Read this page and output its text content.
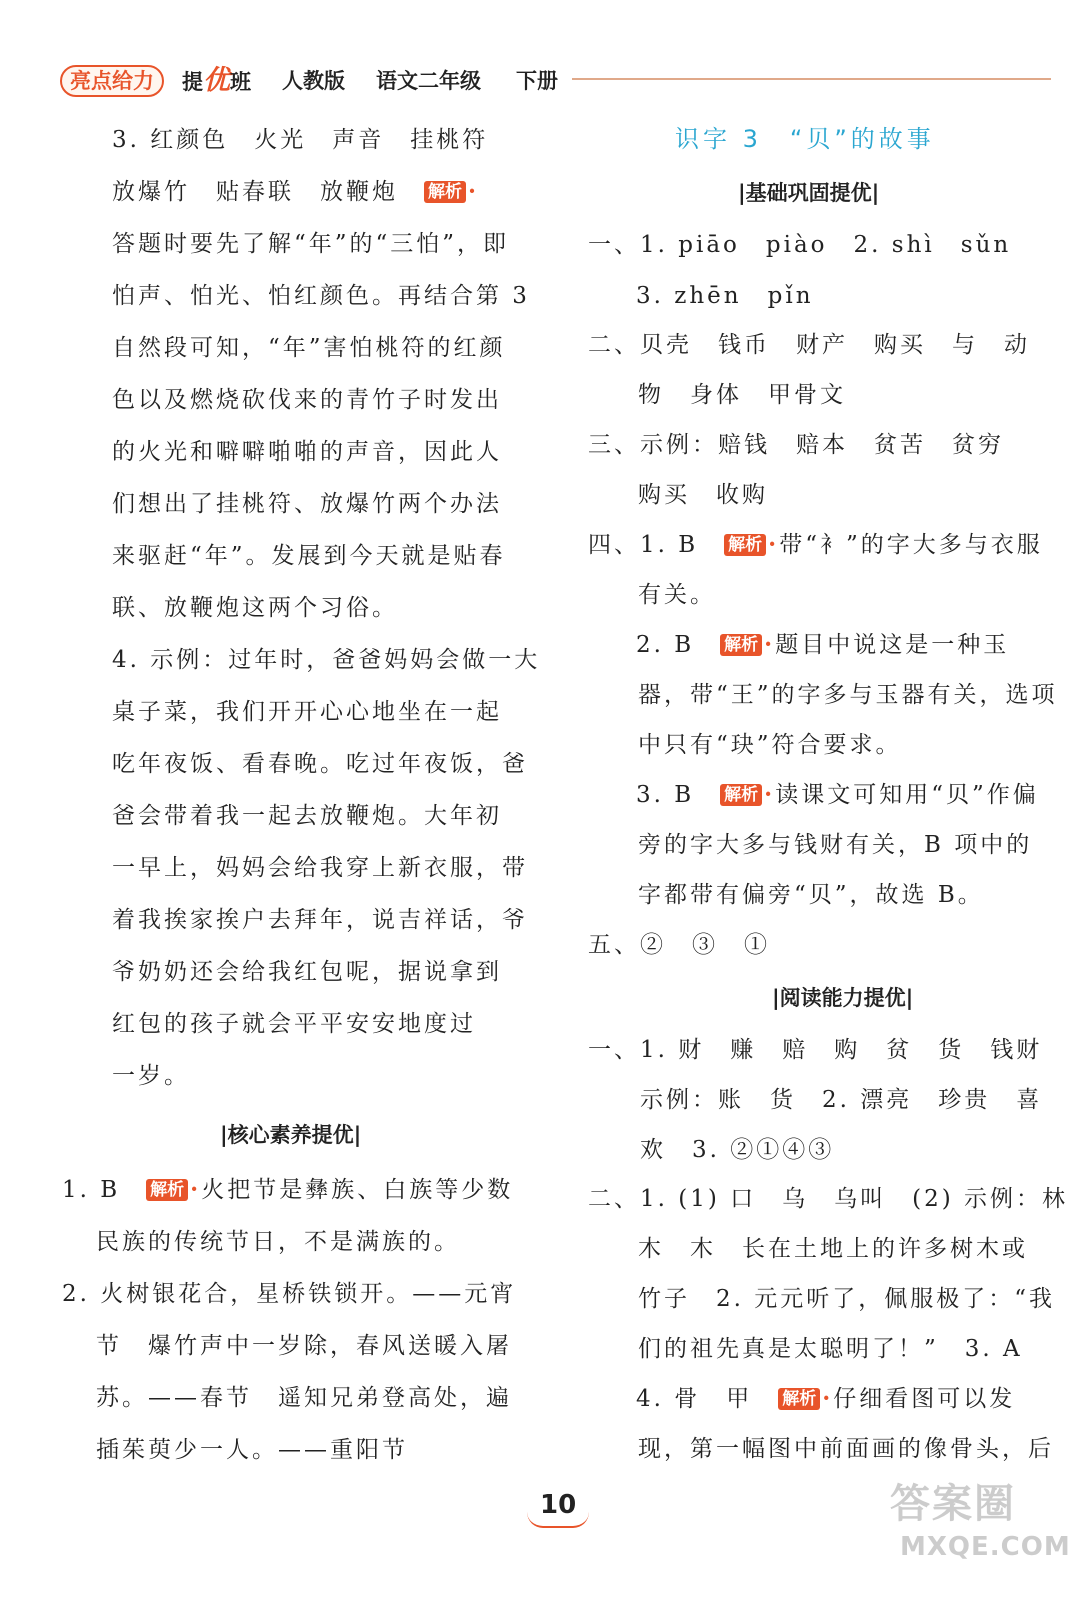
亮点给力	提优班 人教版 语文二年级 下册
3. 红颜色　火光　声音　挂桃符
放爆竹　贴春联　放鞭炮　 解析 ·
答题时要先了解“年”的“三怕”，即
怕声、怕光、怕红颜色。再结合第 3
自然段可知，“年”害怕桃符的红颜
色以及燃烧砍伐来的青竹子时发出
的火光和噼噼啪啪的声音，因此人
们想出了挂桃符、放爆竹两个办法
来驱赶“年”。发展到今天就是贴春
联、放鞭炮这两个习俗。
4. 示例：过年时，爸爸妈妈会做一大
桌子菜，我们开开心心地坐在一起
吃年夜饭、看春晚。吃过年夜饭，爸
爸会带着我一起去放鞭炮。大年初
一早上，妈妈会给我穿上新衣服，带
着我挨家挨户去拜年，说吉祥话，爷
爷奶奶还会给我红包呢，据说拿到
红包的孩子就会平平安安地度过
一岁。
|核心素养提优|
1. B　 解析 ·火把节是彝族、白族等少数
民族的传统节日，不是满族的。
2. 火树银花合，星桥铁锁开。——元宵
节　爆竹声中一岁除，春风送暖入屠
苏。——春节　遥知兄弟登高处，遍
插茱萸少一人。——重阳节
识字 3　“贝”的故事
|基础巩固提优|
一、1. piāo　piào　2. shì　sǔn
3. zhēn　pǐn
二、贝壳　钱币　财产　购买　与　动
物　身体　甲骨文
三、示例：赔钱　赔本　贫苦　贫穷
购买　收购
四、1. B　 解析 ·带“衤”的字大多与衣服
有关。
2. B　 解析 ·题目中说这是一种玉
器，带“王”的字多与玉器有关，选项
中只有“玦”符合要求。
3. B　 解析 ·读课文可知用“贝”作偏
旁的字大多与钱财有关，B 项中的
字都带有偏旁“贝”，故选 B。
五、②　③　①
|阅读能力提优|
一、1. 财　赚　赔　购　贫　货　钱财
示例：账　货　2. 漂亮　珍贵　喜
欢　3. ②①④③
二、1. (1) 口　乌　乌叫　(2) 示例：林
木　木　长在土地上的许多树木或
竹子　2. 元元听了，佩服极了：“我
们的祖先真是太聪明了！”　3. A
4. 骨　甲　 解析 ·仔细看图可以发
现，第一幅图中前面画的像骨头，后
10	答案圈
MXQE.COM
